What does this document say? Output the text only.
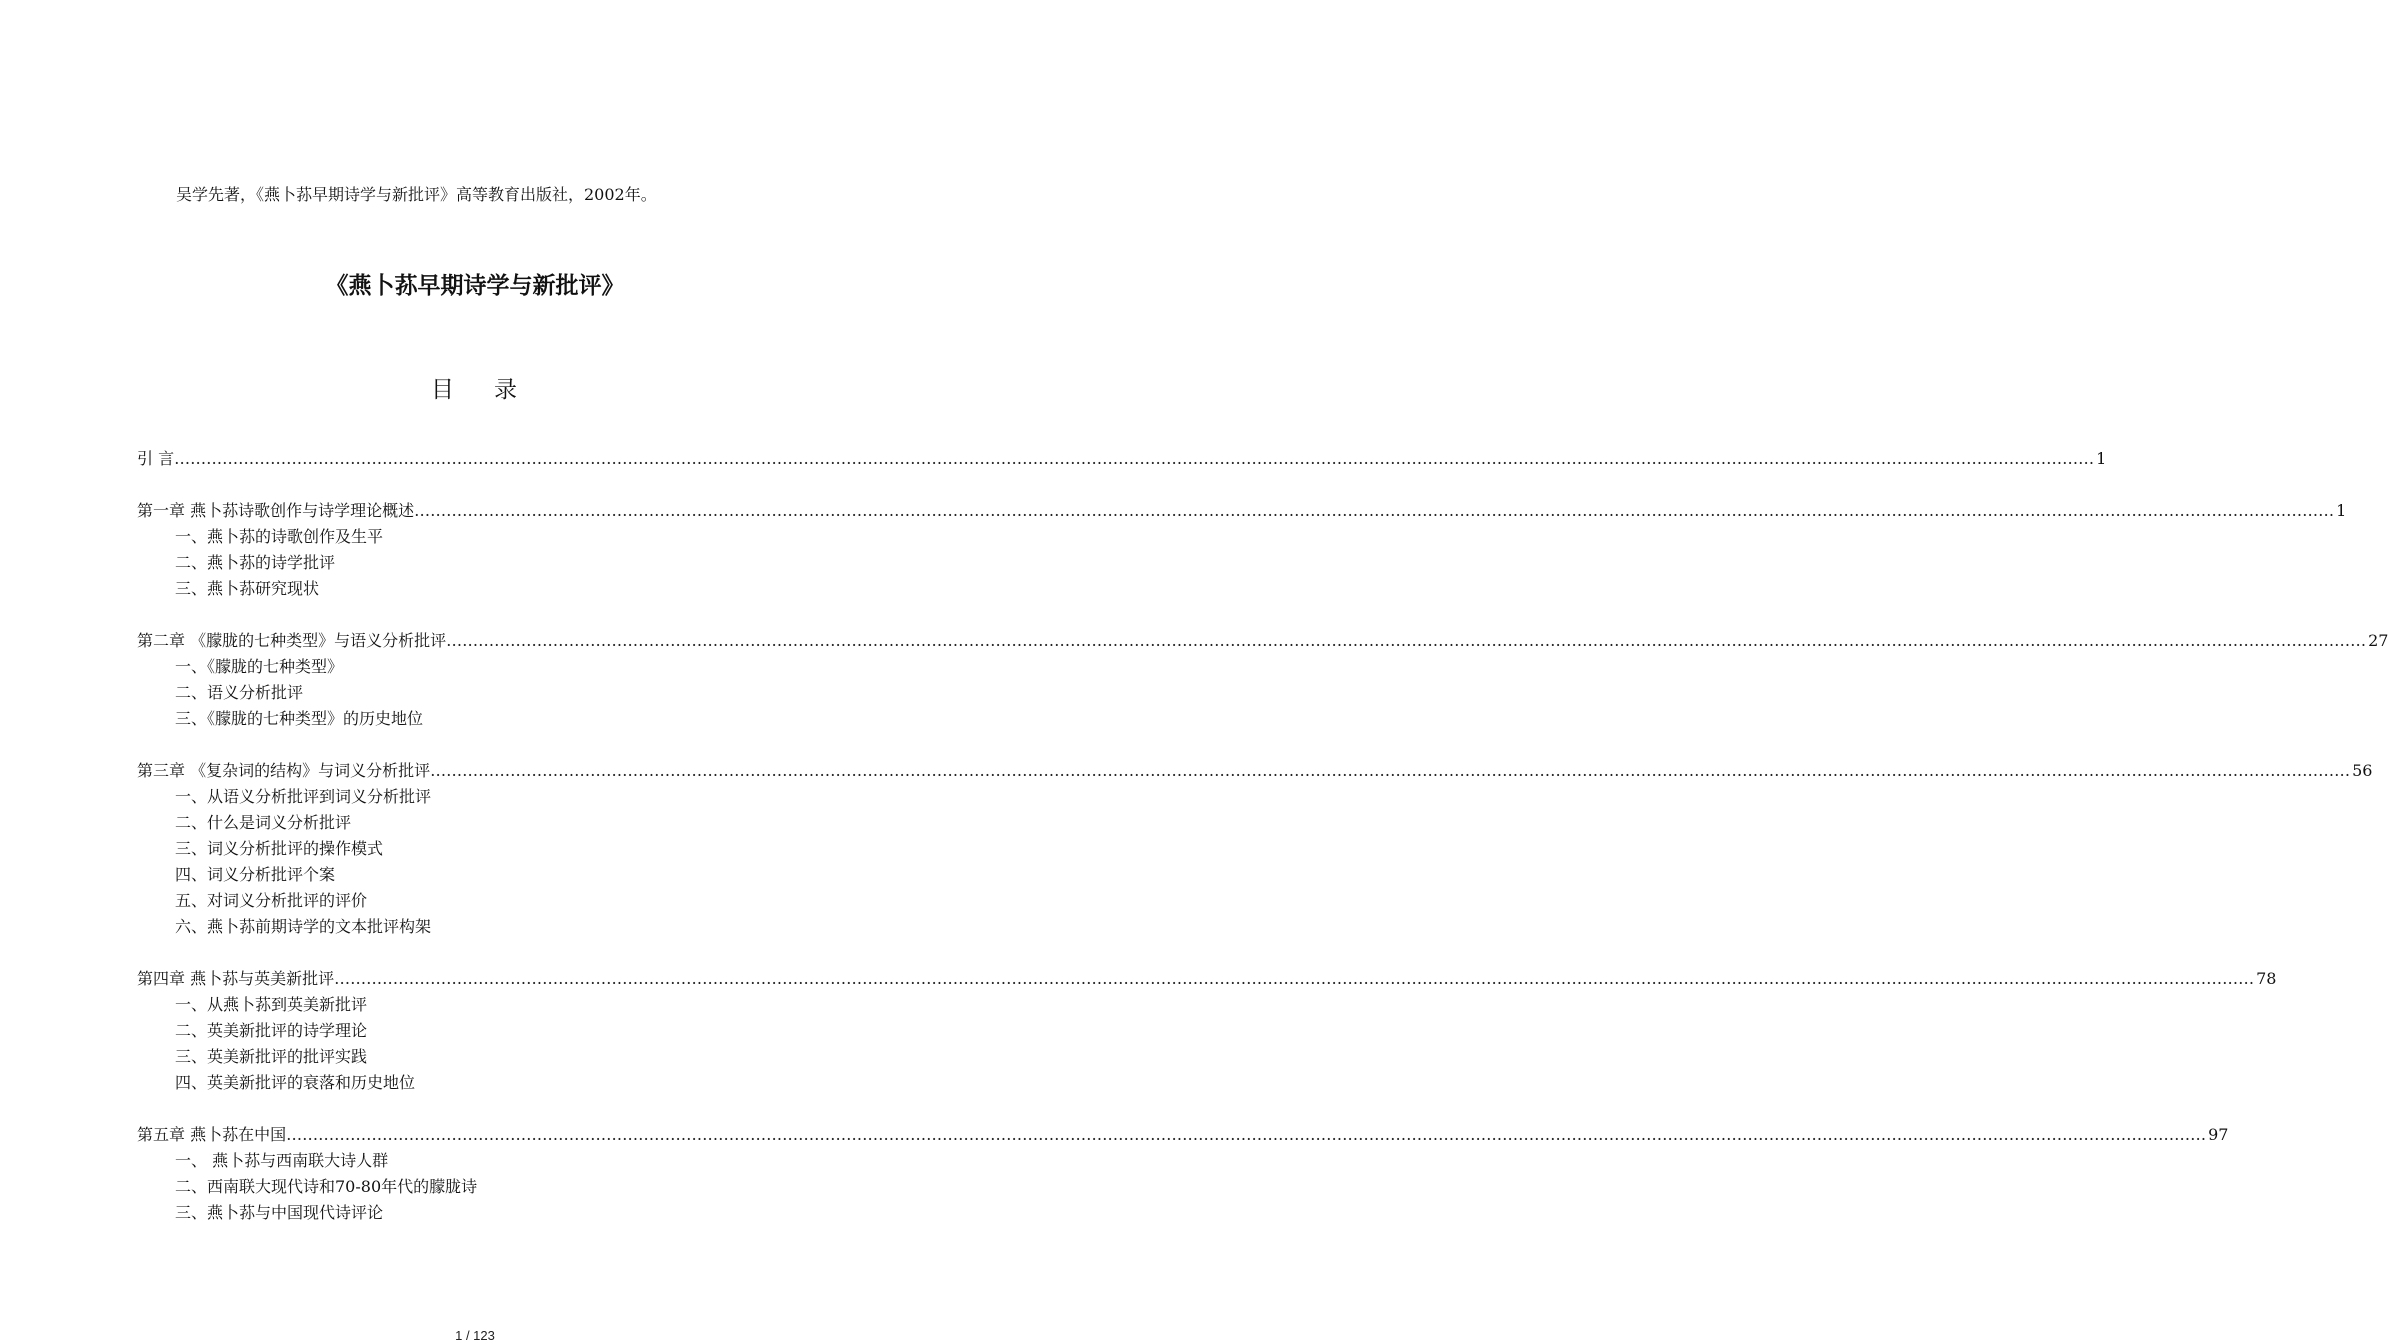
吴学先著，《燕卜荪早期诗学与新批评》高等教育出版社，2002年。
《燕卜荪早期诗学与新批评》
目 录
引 言 ……………………………………………………………………………………………………………………………………………………………………………………………………………………………………………………………………………………………………………………………… 1
第一章 燕卜荪诗歌创作与诗学理论概述 ……………………………………………………………………………………………………………………………………………………………………………………………………………………………………………………………………………………………………………………………… 1
一、燕卜荪的诗歌创作及生平
二、燕卜荪的诗学批评
三、燕卜荪研究现状
第二章 《朦胧的七种类型》与语义分析批评 ……………………………………………………………………………………………………………………………………………………………………………………………………………………………………………………………………………………………………………………………… 27
一、《朦胧的七种类型》
二、语义分析批评
三、《朦胧的七种类型》的历史地位
第三章 《复杂词的结构》与词义分析批评 ……………………………………………………………………………………………………………………………………………………………………………………………………………………………………………………………………………………………………………………………… 56
一、从语义分析批评到词义分析批评
二、什么是词义分析批评
三、词义分析批评的操作模式
四、词义分析批评个案
五、对词义分析批评的评价
六、燕卜荪前期诗学的文本批评构架
第四章 燕卜荪与英美新批评 ……………………………………………………………………………………………………………………………………………………………………………………………………………………………………………………………………………………………………………………………… 78
一、从燕卜荪到英美新批评
二、英美新批评的诗学理论
三、英美新批评的批评实践
四、英美新批评的衰落和历史地位
第五章 燕卜荪在中国 ……………………………………………………………………………………………………………………………………………………………………………………………………………………………………………………………………………………………………………………………… 97
一、 燕卜荪与西南联大诗人群
二、西南联大现代诗和70-80年代的朦胧诗
三、燕卜荪与中国现代诗评论
1 / 123
